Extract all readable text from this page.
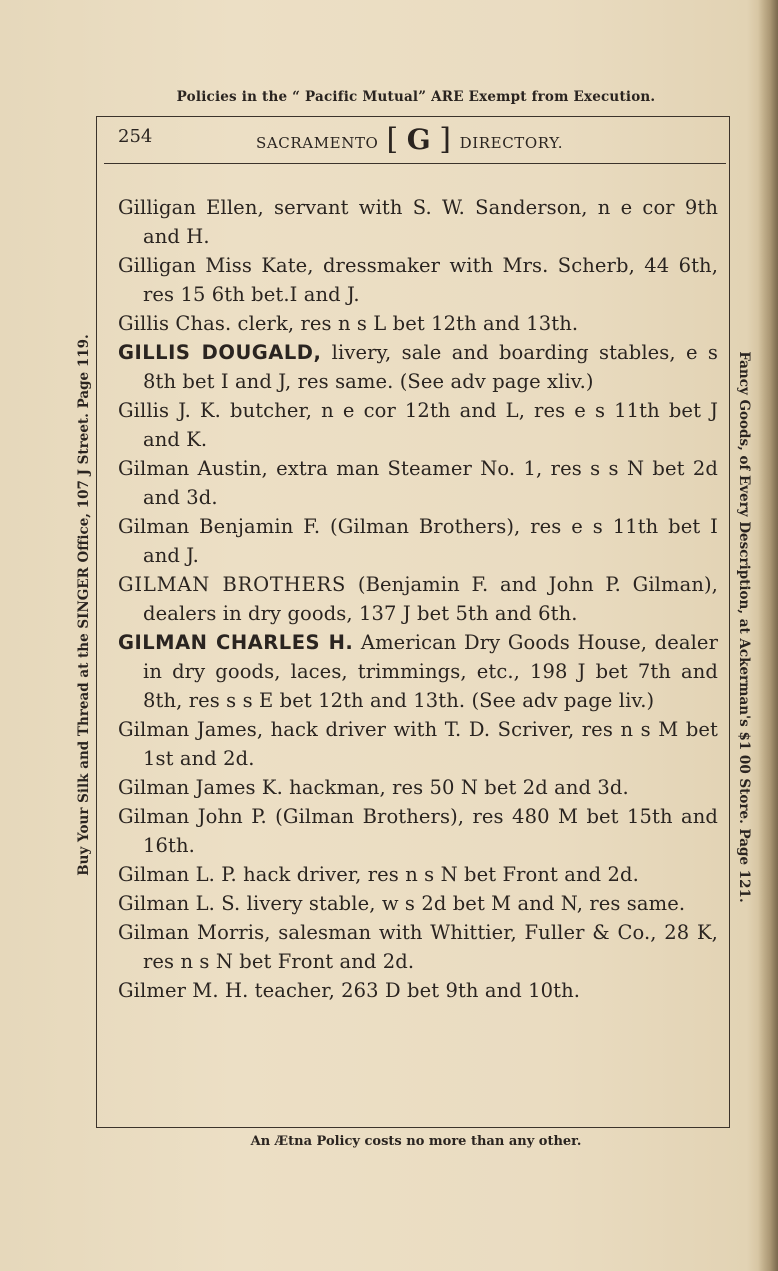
Policies in the “ Pacific Mutual” ARE Exempt from Execution.
Buy Your Silk and Thread at the SINGER Office, 107 J Street. Page 119.	Fancy Goods, of Every Description, at Ackerman's $1 00 Store. Page 121.
254	SACRAMENTO [ G ] DIRECTORY.

Gilligan Ellen, servant with S. W. Sanderson, n e cor 9th and H.

Gilligan Miss Kate, dressmaker with Mrs. Scherb, 44 6th, res 15 6th bet.I and J.

Gillis Chas. clerk, res n s L bet 12th and 13th.

GILLIS DOUGALD, livery, sale and boarding stables, e s 8th bet I and J, res same. (See adv page xliv.)

Gillis J. K. butcher, n e cor 12th and L, res e s 11th bet J and K.

Gilman Austin, extra man Steamer No. 1, res s s N bet 2d and 3d.

Gilman Benjamin F. (Gilman Brothers), res e s 11th bet I and J.

GILMAN BROTHERS (Benjamin F. and John P. Gilman), dealers in dry goods, 137 J bet 5th and 6th.

GILMAN CHARLES H. American Dry Goods House, dealer in dry goods, laces, trimmings, etc., 198 J bet 7th and 8th, res s s E bet 12th and 13th. (See adv page liv.)

Gilman James, hack driver with T. D. Scriver, res n s M bet 1st and 2d.

Gilman James K. hackman, res 50 N bet 2d and 3d.

Gilman John P. (Gilman Brothers), res 480 M bet 15th and 16th.

Gilman L. P. hack driver, res n s N bet Front and 2d.

Gilman L. S. livery stable, w s 2d bet M and N, res same.

Gilman Morris, salesman with Whittier, Fuller & Co., 28 K, res n s N bet Front and 2d.

Gilmer M. H. teacher, 263 D bet 9th and 10th.

An Ætna Policy costs no more than any other.
